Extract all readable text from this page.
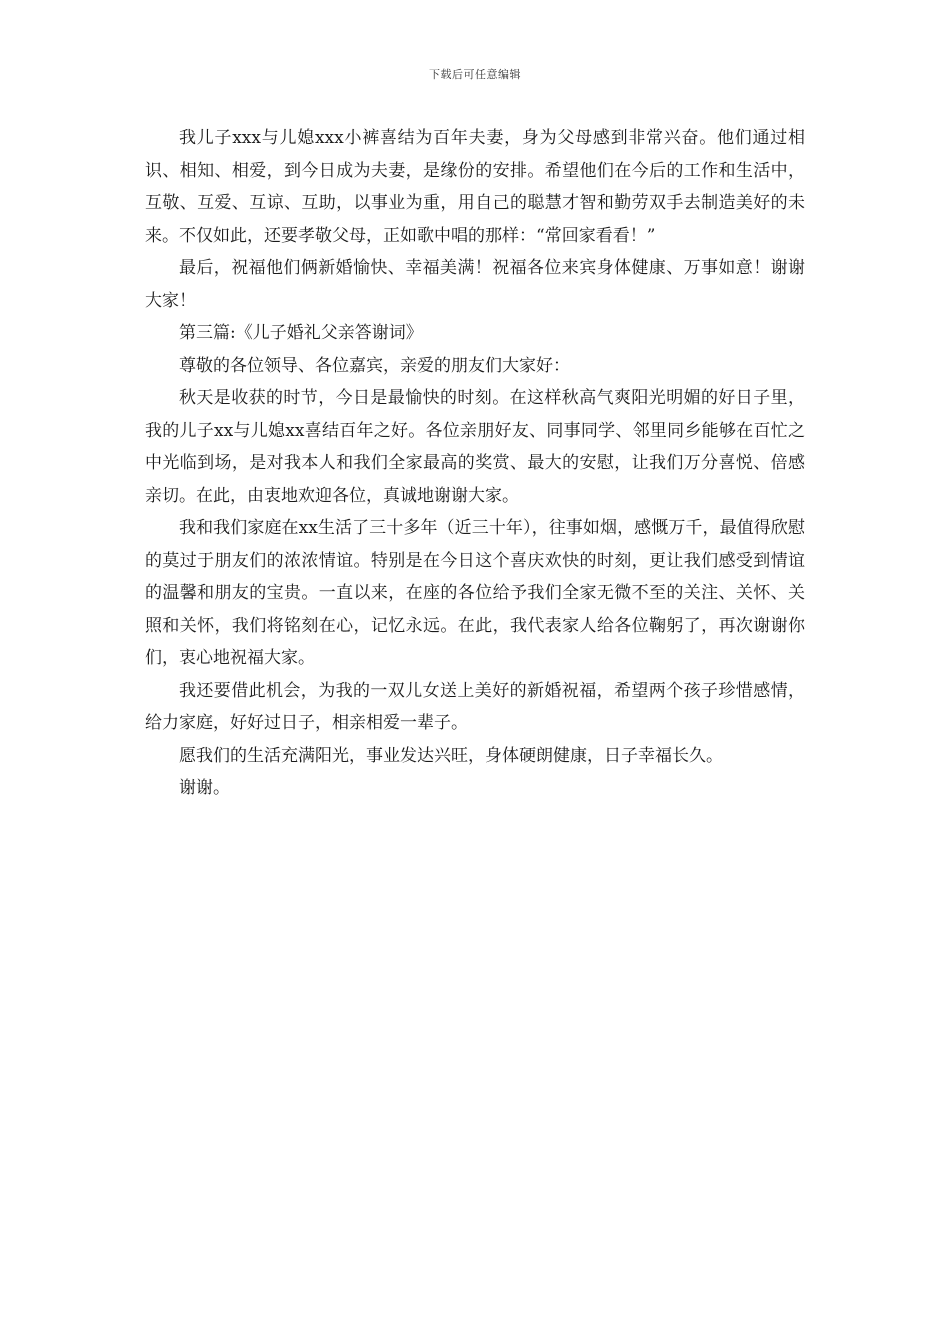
下载后可任意编辑

我儿子xxx与儿媳xxx小裤喜结为百年夫妻，身为父母感到非常兴奋。他们通过相识、相知、相爱，到今日成为夫妻，是缘份的安排。希望他们在今后的工作和生活中，互敬、互爱、互谅、互助，以事业为重，用自己的聪慧才智和勤劳双手去制造美好的未来。不仅如此，还要孝敬父母，正如歌中唱的那样：“常回家看看！”

最后，祝福他们俩新婚愉快、幸福美满！祝福各位来宾身体健康、万事如意！谢谢大家！

第三篇:《儿子婚礼父亲答谢词》

尊敬的各位领导、各位嘉宾，亲爱的朋友们大家好：

秋天是收获的时节，今日是最愉快的时刻。在这样秋高气爽阳光明媚的好日子里，我的儿子xx与儿媳xx喜结百年之好。各位亲朋好友、同事同学、邻里同乡能够在百忙之中光临到场，是对我本人和我们全家最高的奖赏、最大的安慰，让我们万分喜悦、倍感亲切。在此，由衷地欢迎各位，真诚地谢谢大家。

我和我们家庭在xx生活了三十多年（近三十年），往事如烟，感慨万千，最值得欣慰的莫过于朋友们的浓浓情谊。特别是在今日这个喜庆欢快的时刻，更让我们感受到情谊的温馨和朋友的宝贵。一直以来，在座的各位给予我们全家无微不至的关注、关怀、关照和关怀，我们将铭刻在心，记忆永远。在此，我代表家人给各位鞠躬了，再次谢谢你们，衷心地祝福大家。

我还要借此机会，为我的一双儿女送上美好的新婚祝福，希望两个孩子珍惜感情，给力家庭，好好过日子，相亲相爱一辈子。

愿我们的生活充满阳光，事业发达兴旺，身体硬朗健康，日子幸福长久。

谢谢。
